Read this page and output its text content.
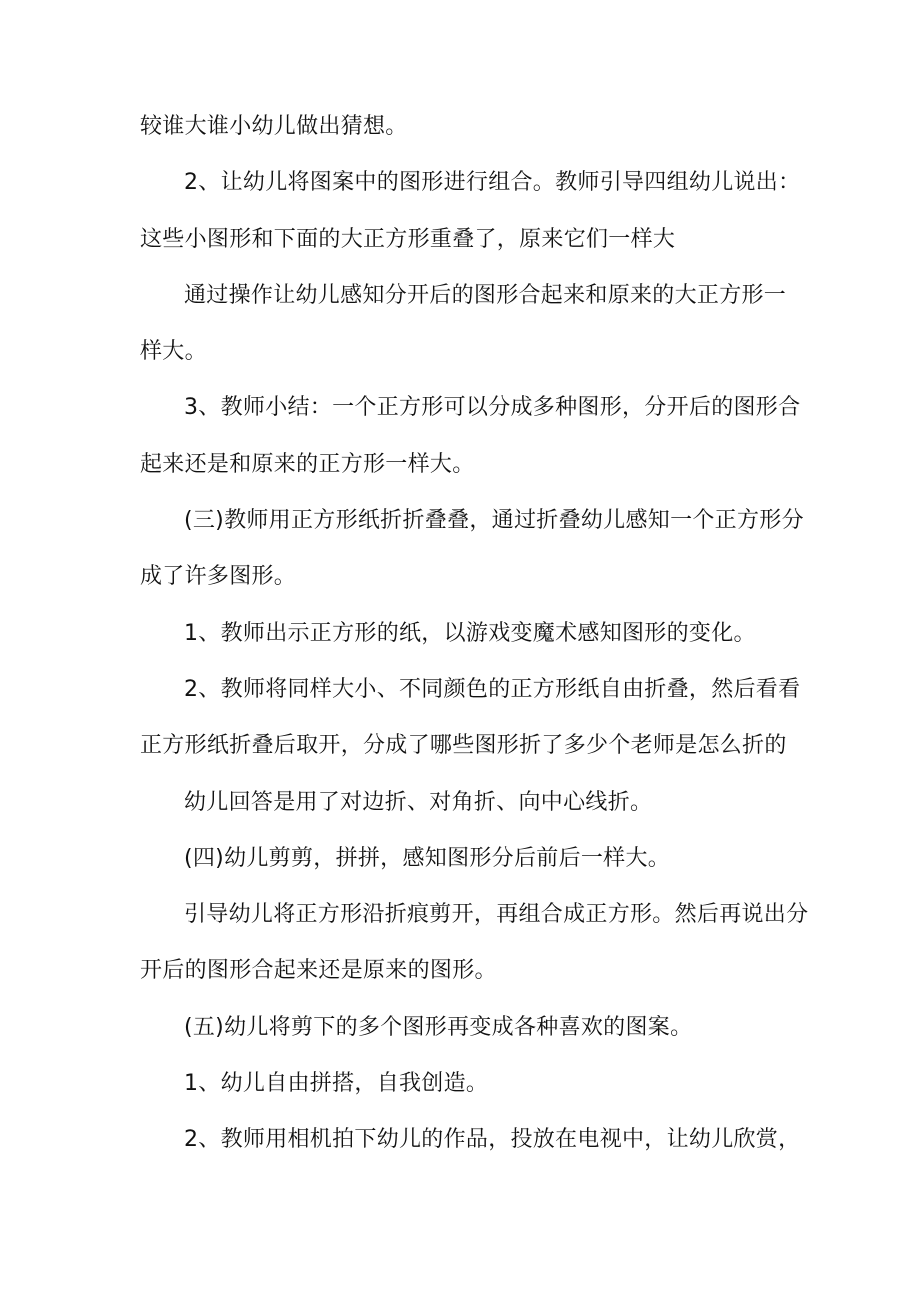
较谁大谁小幼儿做出猜想。
2、让幼儿将图案中的图形进行组合。教师引导四组幼儿说出：
这些小图形和下面的大正方形重叠了，原来它们一样大
通过操作让幼儿感知分开后的图形合起来和原来的大正方形一
样大。
3、教师小结：一个正方形可以分成多种图形，分开后的图形合
起来还是和原来的正方形一样大。
(三)教师用正方形纸折折叠叠，通过折叠幼儿感知一个正方形分
成了许多图形。
1、教师出示正方形的纸，以游戏变魔术感知图形的变化。
2、教师将同样大小、不同颜色的正方形纸自由折叠，然后看看
正方形纸折叠后取开，分成了哪些图形折了多少个老师是怎么折的
幼儿回答是用了对边折、对角折、向中心线折。
(四)幼儿剪剪，拼拼，感知图形分后前后一样大。
引导幼儿将正方形沿折痕剪开，再组合成正方形。然后再说出分
开后的图形合起来还是原来的图形。
(五)幼儿将剪下的多个图形再变成各种喜欢的图案。
1、幼儿自由拼搭，自我创造。
2、教师用相机拍下幼儿的作品，投放在电视中，让幼儿欣赏，
